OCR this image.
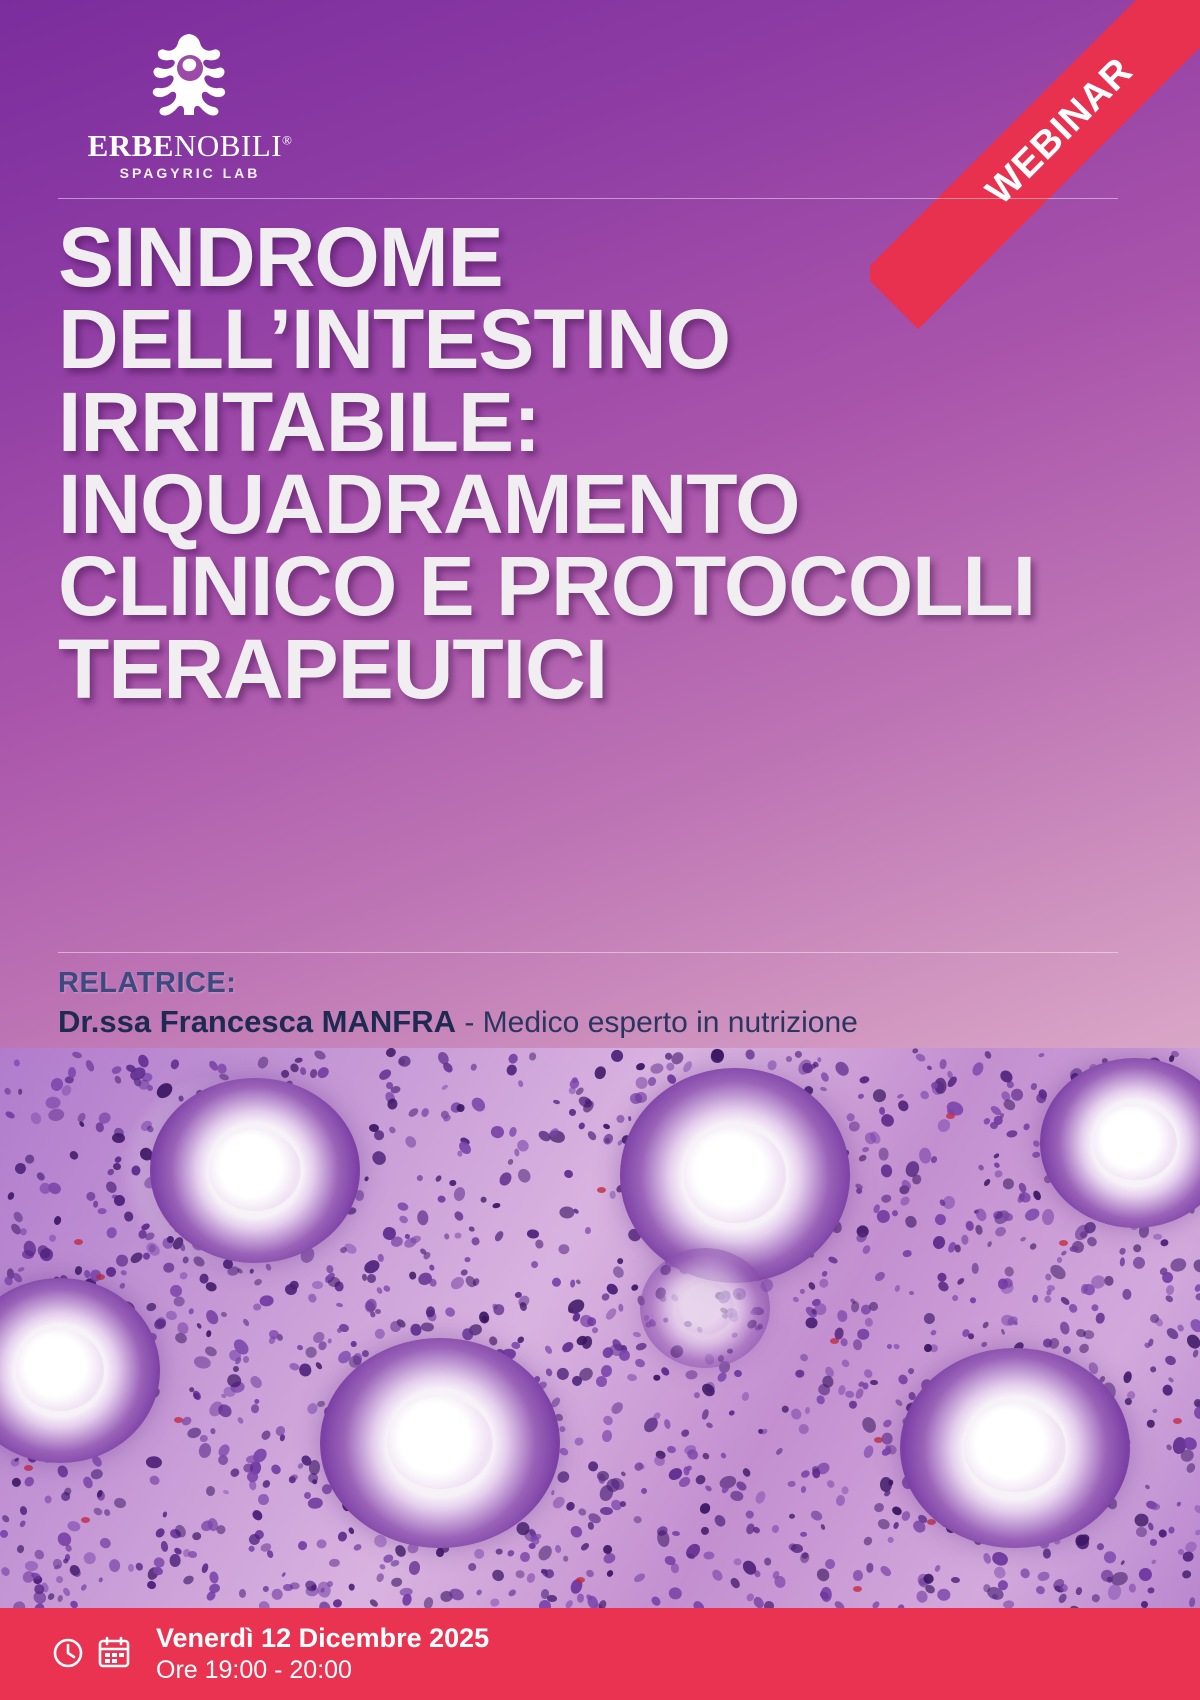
ERBENOBILI®
SPAGYRIC LAB	WEBINAR
SINDROME DELL’INTESTINO IRRITABILE: INQUADRAMENTO CLINICO E PROTOCOLLI TERAPEUTICI
RELATRICE:
Dr.ssa Francesca MANFRA - Medico esperto in nutrizione
Venerdì 12 Dicembre 2025
Ore 19:00 - 20:00
